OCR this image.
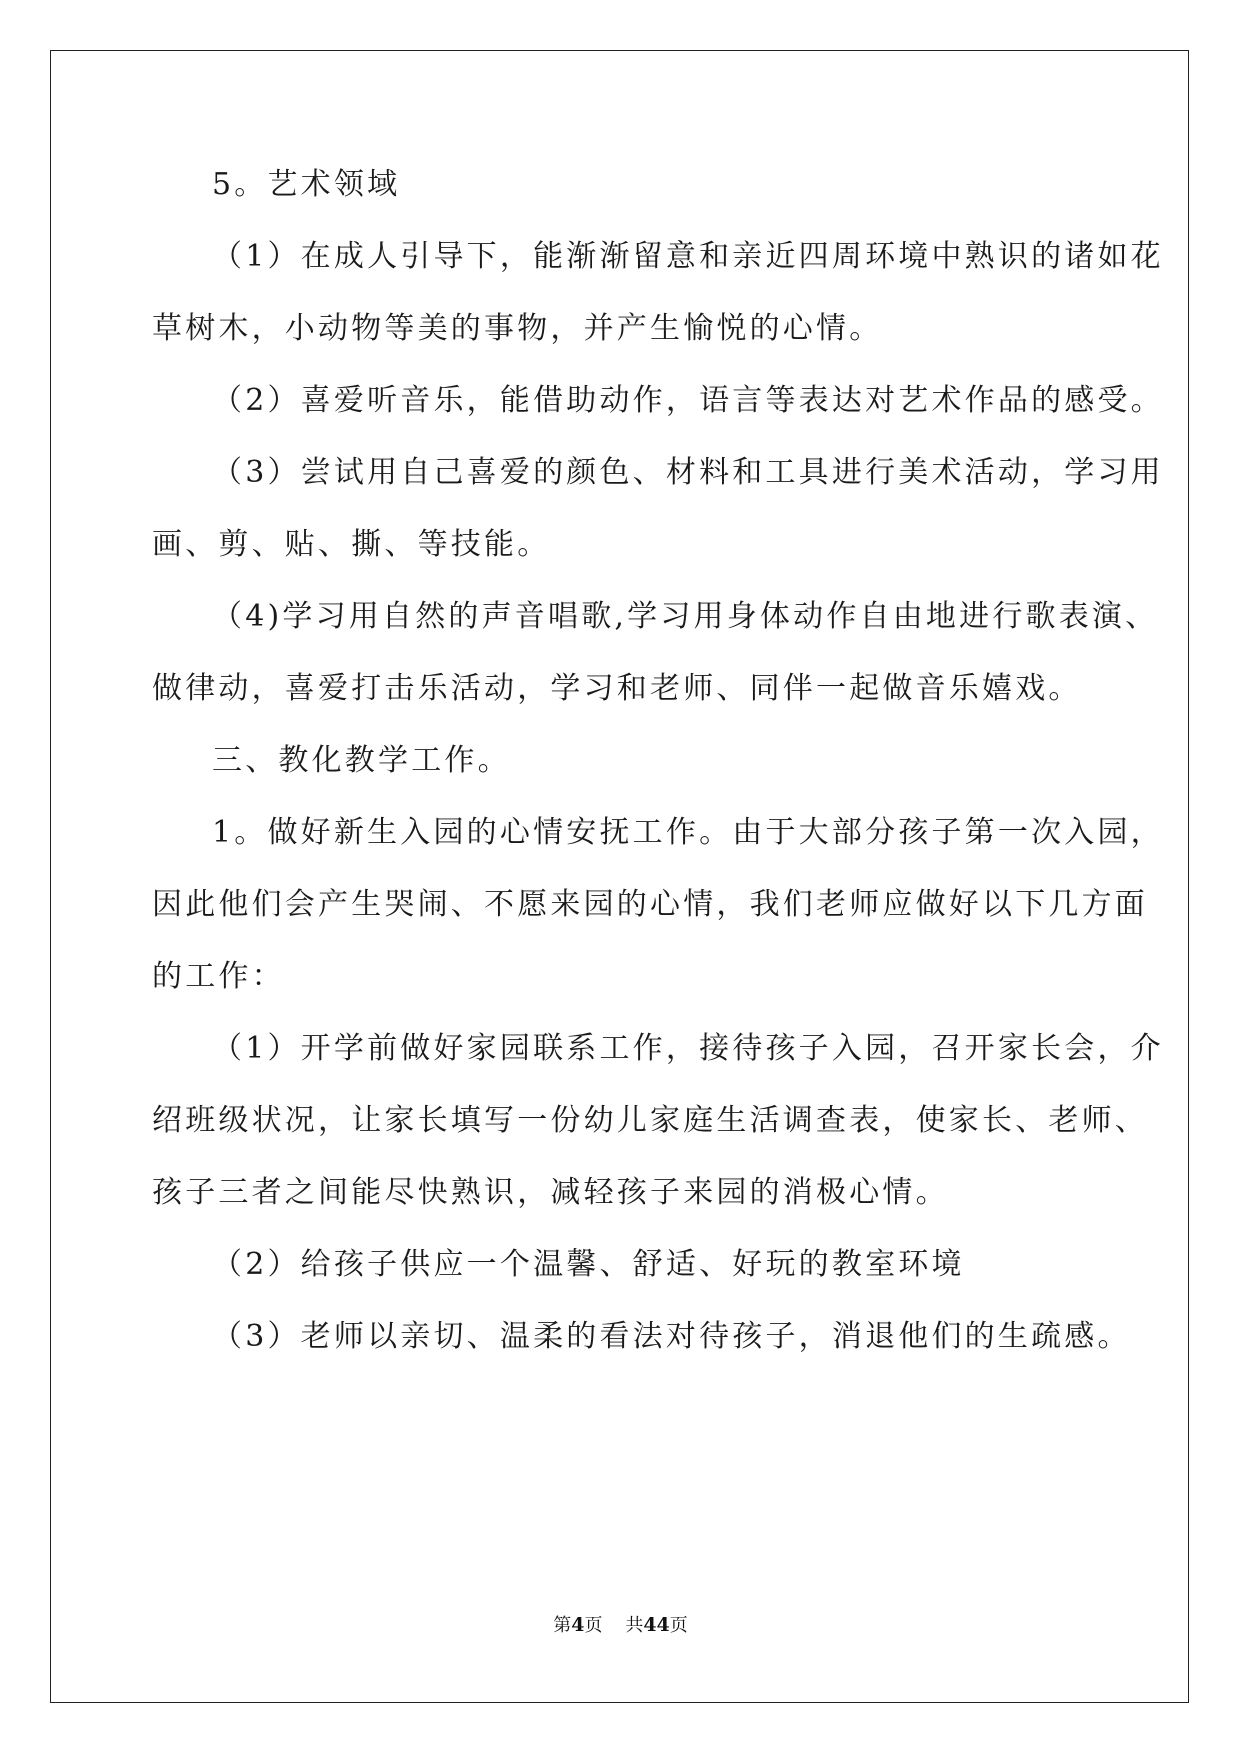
5。艺术领域
（1）在成人引导下，能渐渐留意和亲近四周环境中熟识的诸如花
草树木，小动物等美的事物，并产生愉悦的心情。
（2）喜爱听音乐，能借助动作，语言等表达对艺术作品的感受。
（3）尝试用自己喜爱的颜色、材料和工具进行美术活动，学习用
画、剪、贴、撕、等技能。
（4)学习用自然的声音唱歌,学习用身体动作自由地进行歌表演、
做律动，喜爱打击乐活动，学习和老师、同伴一起做音乐嬉戏。
三、教化教学工作。
1。做好新生入园的心情安抚工作。由于大部分孩子第一次入园，
因此他们会产生哭闹、不愿来园的心情，我们老师应做好以下几方面
的工作：
（1）开学前做好家园联系工作，接待孩子入园，召开家长会，介
绍班级状况，让家长填写一份幼儿家庭生活调查表，使家长、老师、
孩子三者之间能尽快熟识，减轻孩子来园的消极心情。
（2）给孩子供应一个温馨、舒适、好玩的教室环境
（3）老师以亲切、温柔的看法对待孩子，消退他们的生疏感。
第4页 共44页
